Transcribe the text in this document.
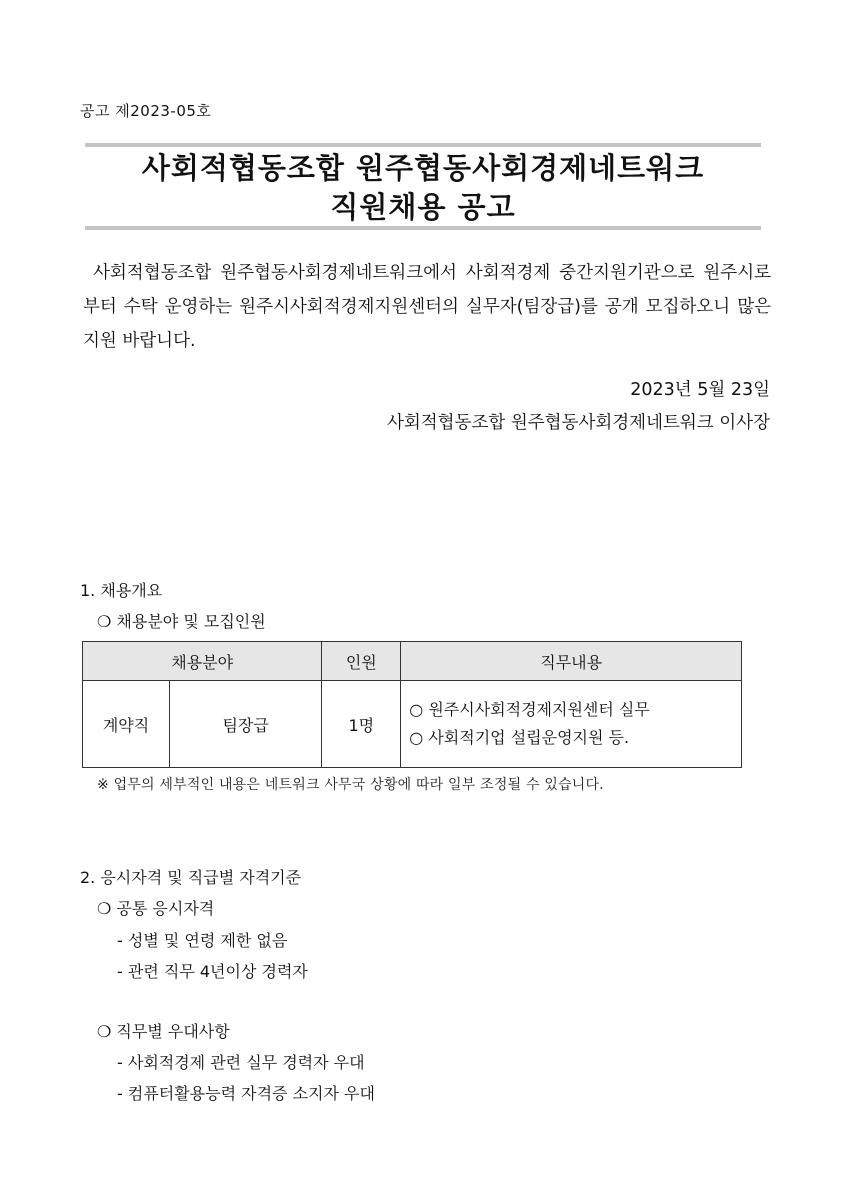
공고 제2023-05호
사회적협동조합 원주협동사회경제네트워크
직원채용 공고
사회적협동조합 원주협동사회경제네트워크에서 사회적경제 중간지원기관으로 원주시로부터 수탁 운영하는 원주시사회적경제지원센터의 실무자(팀장급)를 공개 모집하오니 많은 지원 바랍니다.
2023년 5월 23일
사회적협동조합 원주협동사회경제네트워크 이사장
1. 채용개요
❍ 채용분야 및 모집인원
채용분야		인원	직무내용
계약직	팀장급	1명	○ 원주시사회적경제지원센터 실무
○ 사회적기업 설립운영지원 등.
※ 업무의 세부적인 내용은 네트워크 사무국 상황에 따라 일부 조정될 수 있습니다.
2. 응시자격 및 직급별 자격기준
❍ 공통 응시자격
- 성별 및 연령 제한 없음
- 관련 직무 4년이상 경력자
❍ 직무별 우대사항
- 사회적경제 관련 실무 경력자 우대
- 컴퓨터활용능력 자격증 소지자 우대
